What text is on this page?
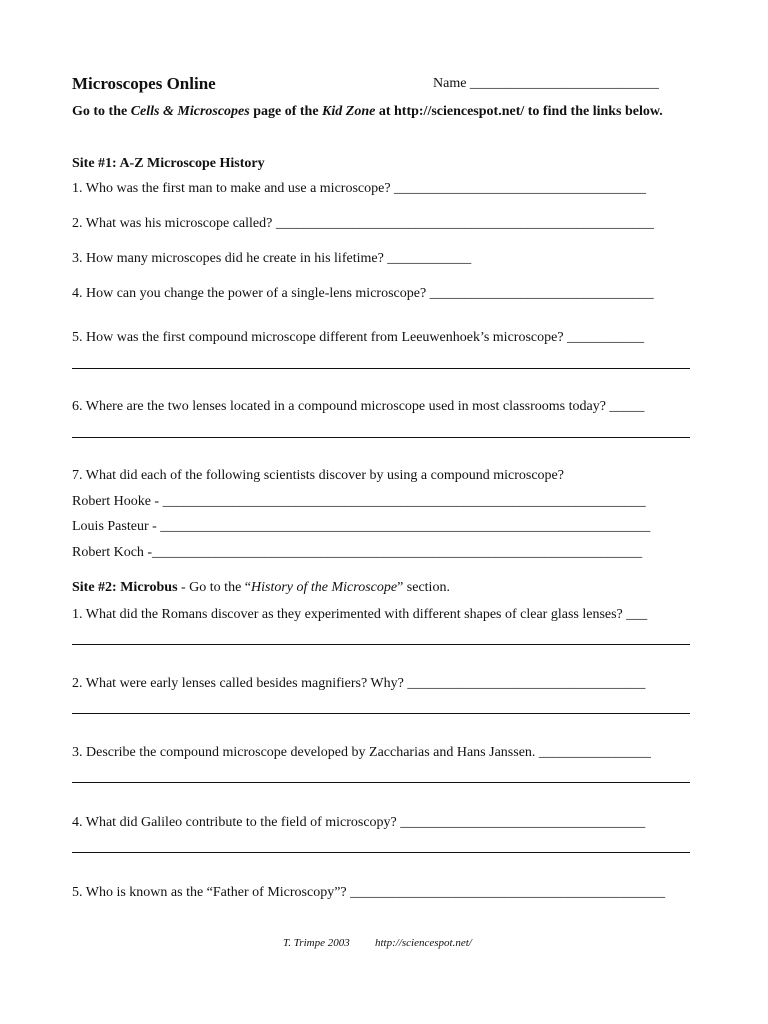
Microscopes Online	Name ___________________________
Go to the Cells & Microscopes page of the Kid Zone at http://sciencespot.net/ to find the links below.
Site #1: A-Z Microscope History
1. Who was the first man to make and use a microscope? ____________________________________
2. What was his microscope called? ______________________________________________________
3. How many microscopes did he create in his lifetime? ____________
4. How can you change the power of a single-lens microscope? ________________________________
5. How was the first compound microscope different from Leeuwenhoek’s microscope? ___________
6. Where are the two lenses located in a compound microscope used in most classrooms today? _____
7. What did each of the following scientists discover by using a compound microscope?
Robert Hooke - _____________________________________________________________________
Louis Pasteur - ______________________________________________________________________
Robert Koch -______________________________________________________________________
Site #2: Microbus - Go to the “History of the Microscope” section.
1. What did the Romans discover as they experimented with different shapes of clear glass lenses? ___
2. What were early lenses called besides magnifiers? Why? __________________________________
3. Describe the compound microscope developed by Zaccharias and Hans Janssen. ________________
4. What did Galileo contribute to the field of microscopy? ___________________________________
5. Who is known as the “Father of Microscopy”? _____________________________________________
T. Trimpe 2003 http://sciencespot.net/
